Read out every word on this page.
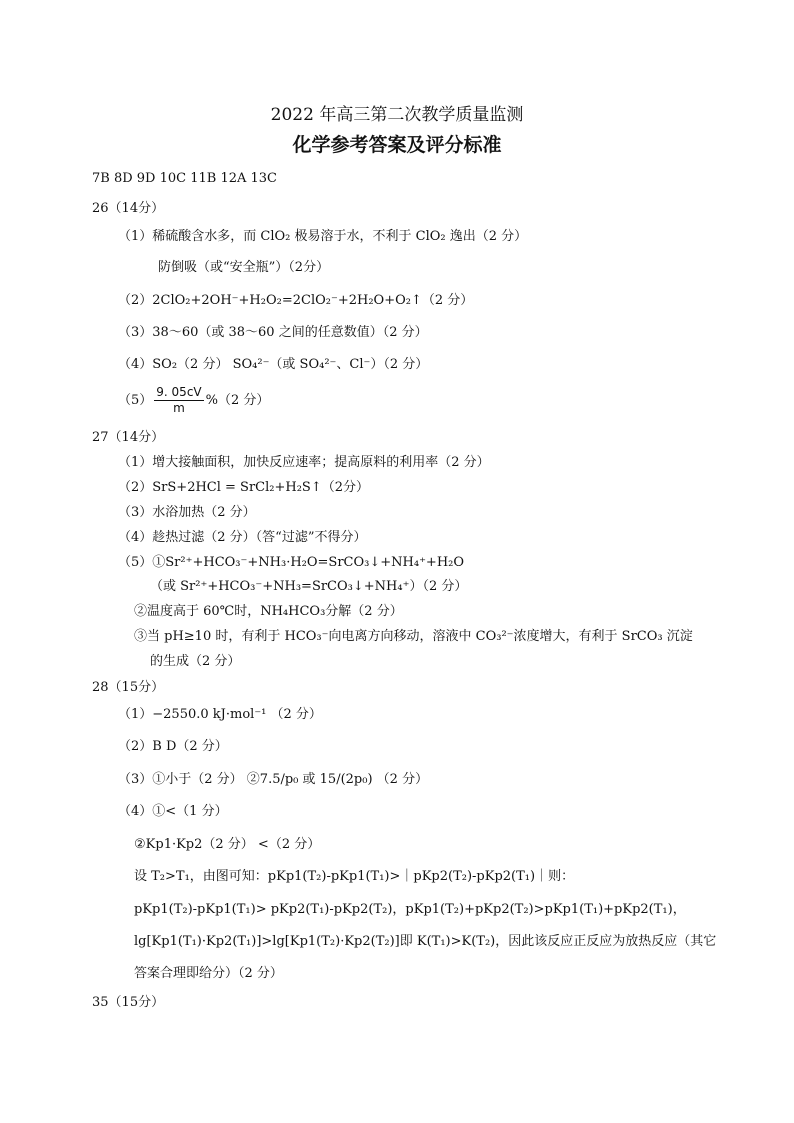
2022 年高三第二次教学质量监测
化学参考答案及评分标准
7B 8D 9D 10C 11B 12A 13C
26（14分）
（1）稀硫酸含水多，而 ClO₂ 极易溶于水，不利于 ClO₂ 逸出（2 分）
防倒吸（或“安全瓶”）（2分）
（2）2ClO₂+2OH⁻+H₂O₂=2ClO₂⁻+2H₂O+O₂↑（2 分）
（3）38～60（或 38～60 之间的任意数值）（2 分）
（4）SO₂（2 分） SO₄²⁻（或 SO₄²⁻、Cl⁻）（2 分）
$(5) \frac{9. 05cV}{m} \%(2$ 分）
27（14分）
（1）增大接触面积，加快反应速率；提高原料的利用率（2 分）
（2）SrS+2HCl = SrCl₂+H₂S↑（2分）
（3）水浴加热（2 分）
（4）趁热过滤（2 分）（答“过滤”不得分）
（5）①Sr²⁺+HCO₃⁻+NH₃·H₂O=SrCO₃↓+NH₄⁺+H₂O
（或 Sr²⁺+HCO₃⁻+NH₃=SrCO₃↓+NH₄⁺）（2 分）
②温度高于 60℃时，NH₄HCO₃分解（2 分）
③当 pH≥10 时，有利于 HCO₃⁻向电离方向移动，溶液中 CO₃²⁻浓度增大，有利于 SrCO₃ 沉淀
的生成（2 分）
28（15分）
（1）−2550.0 kJ·mol⁻¹ （2 分）
（2）B D（2 分）
（3）①小于（2 分） ②7.5/p₀ 或 15/(2p₀) （2 分）
（4）①<（1 分）
②Kp1·Kp2（2 分） <（2 分）
设 T₂>T₁，由图可知：pKp1(T₂)-pKp1(T₁)>｜pKp2(T₂)-pKp2(T₁)｜则：
pKp1(T₂)-pKp1(T₁)> pKp2(T₁)-pKp2(T₂)，pKp1(T₂)+pKp2(T₂)>pKp1(T₁)+pKp2(T₁)，
lg[Kp1(T₁)·Kp2(T₁)]>lg[Kp1(T₂)·Kp2(T₂)]即 K(T₁)>K(T₂)，因此该反应正反应为放热反应（其它
答案合理即给分）（2 分）
35（15分）
